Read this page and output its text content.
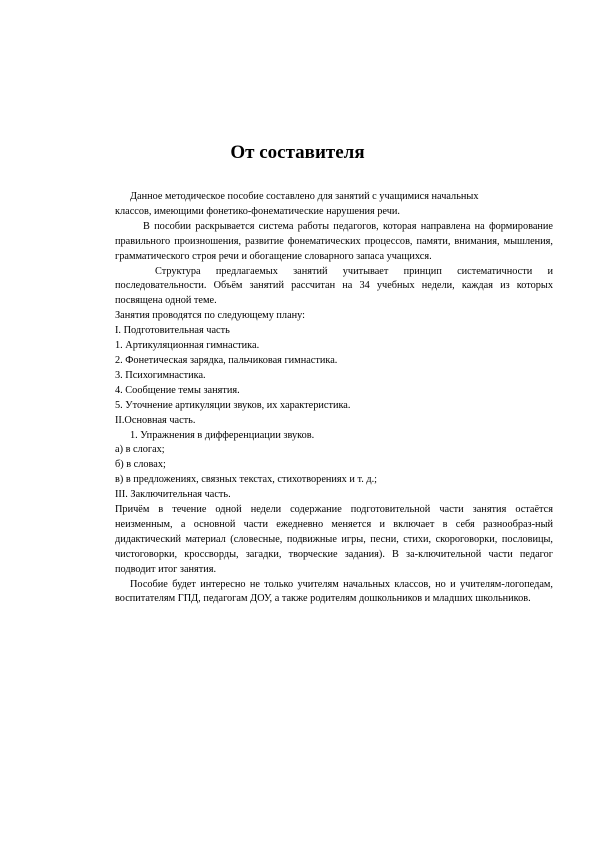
От составителя

Данное методическое пособие составлено для занятий с учащимися начальных
классов, имеющими фонетико-фонематические нарушения речи.

В пособии раскрывается система работы педагогов, которая направлена на формирование правильного произношения, развитие фонематических процессов, памяти, внимания, мышления, грамматического строя речи и обогащение словарного запаса учащихся.

Структура предлагаемых занятий учитывает принцип систематичности и последовательности. Объём занятий рассчитан на 34 учебных недели, каждая из которых посвящена одной теме.

Занятия проводятся по следующему плану:

I. Подготовительная часть

1. Артикуляционная гимнастика.
2. Фонетическая зарядка, пальчиковая гимнастика.
3. Психогимнастика.
4. Сообщение темы занятия.
5. Уточнение артикуляции звуков, их характеристика.

II.Основная часть.

1. Упражнения в дифференциации звуков.

а) в слогах;
б) в словах;
в) в предложениях, связных текстах, стихотворениях и т. д.;

III. Заключительная часть.

Причём в течение одной недели содержание подготовительной части занятия остаётся неизменным, а основной части ежедневно меняется и включает в себя разнообраз-ный дидактический материал (словесные, подвижные игры, песни, стихи, скороговорки, пословицы, чистоговорки, кроссворды, загадки, творческие задания). В за-ключительной части педагог подводит итог занятия.

Пособие будет интересно не только учителям начальных классов, но и учителям-логопедам, воспитателям ГПД, педагогам ДОУ, а также родителям дошкольников и младших школьников.
